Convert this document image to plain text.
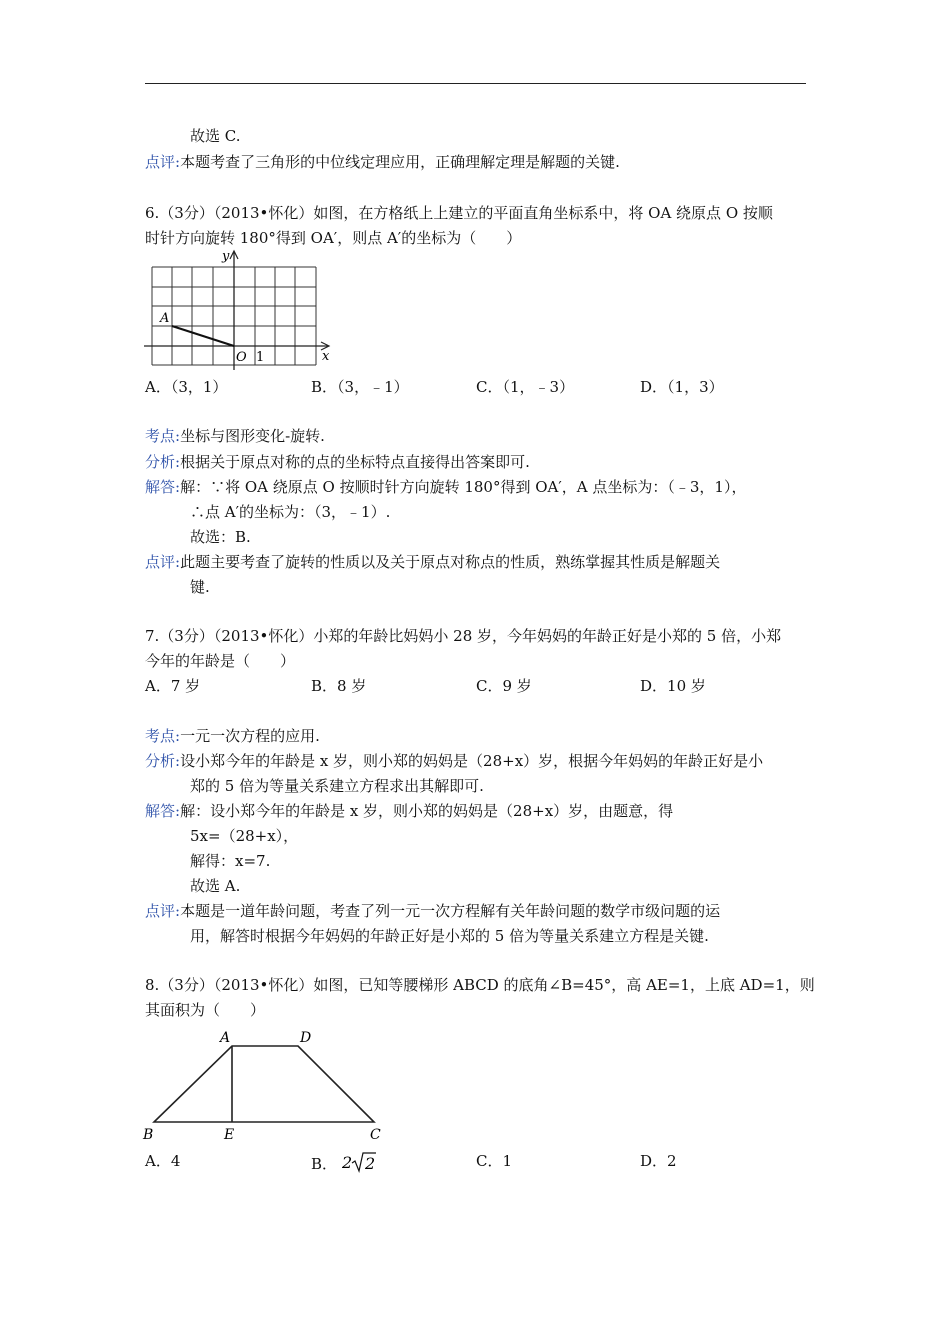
故选 C.
点评:本题考查了三角形的中位线定理应用，正确理解定理是解题的关键.
6.（3分）（2013•怀化）如图，在方格纸上上建立的平面直角坐标系中，将 OA 绕原点 O 按顺
时针方向旋转 180°得到 OA′，则点 A′的坐标为（　　）
y
x
O 1
A
A．（3，1）	B．（3，﹣1）	C．（1，﹣3）	D．（1，3）
考点:坐标与图形变化-旋转.
分析:根据关于原点对称的点的坐标特点直接得出答案即可.
解答:解：∵将 OA 绕原点 O 按顺时针方向旋转 180°得到 OA′，A 点坐标为：（﹣3，1），
∴点 A′的坐标为：（3，﹣1）.
故选：B.
点评:此题主要考查了旋转的性质以及关于原点对称点的性质，熟练掌握其性质是解题关
键.
7.（3分）（2013•怀化）小郑的年龄比妈妈小 28 岁，今年妈妈的年龄正好是小郑的 5 倍，小郑
今年的年龄是（　　）
A．7 岁	B．8 岁	C．9 岁	D．10 岁
考点:一元一次方程的应用.
分析:设小郑今年的年龄是 x 岁，则小郑的妈妈是（28+x）岁，根据今年妈妈的年龄正好是小
郑的 5 倍为等量关系建立方程求出其解即可.
解答:解：设小郑今年的年龄是 x 岁，则小郑的妈妈是（28+x）岁，由题意，得
5x=（28+x），
解得：x=7.
故选 A.
点评:本题是一道年龄问题，考查了列一元一次方程解有关年龄问题的数学市级问题的运
用，解答时根据今年妈妈的年龄正好是小郑的 5 倍为等量关系建立方程是关键.
8.（3分）（2013•怀化）如图，已知等腰梯形 ABCD 的底角∠B=45°，高 AE=1，上底 AD=1，则
其面积为（　　）
A	D
B	E	C
A．4	B． 2 2	C．1	D．2
